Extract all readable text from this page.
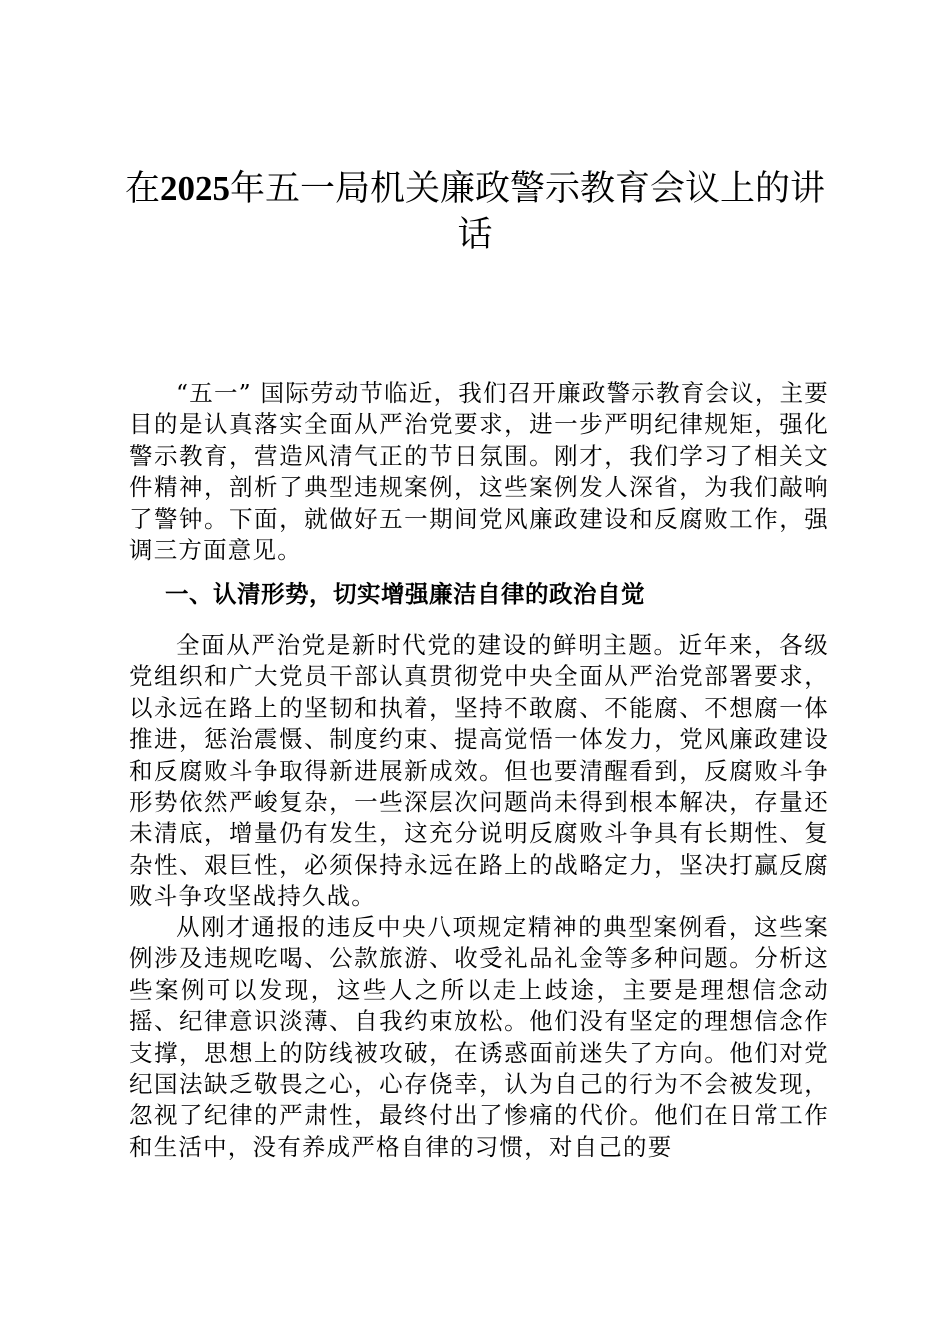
在2025年五一局机关廉政警示教育会议上的讲话

“五一” 国际劳动节临近，我们召开廉政警示教育会议，主要目的是认真落实全面从严治党要求，进一步严明纪律规矩，强化警示教育，营造风清气正的节日氛围。刚才，我们学习了相关文件精神，剖析了典型违规案例，这些案例发人深省，为我们敲响了警钟。下面，就做好五一期间党风廉政建设和反腐败工作，强调三方面意见。

一、认清形势，切实增强廉洁自律的政治自觉

全面从严治党是新时代党的建设的鲜明主题。近年来，各级党组织和广大党员干部认真贯彻党中央全面从严治党部署要求，以永远在路上的坚韧和执着，坚持不敢腐、不能腐、不想腐一体推进，惩治震慑、制度约束、提高觉悟一体发力，党风廉政建设和反腐败斗争取得新进展新成效。但也要清醒看到，反腐败斗争形势依然严峻复杂，一些深层次问题尚未得到根本解决，存量还未清底，增量仍有发生，这充分说明反腐败斗争具有长期性、复杂性、艰巨性，必须保持永远在路上的战略定力，坚决打赢反腐败斗争攻坚战持久战。

从刚才通报的违反中央八项规定精神的典型案例看，这些案例涉及违规吃喝、公款旅游、收受礼品礼金等多种问题。分析这些案例可以发现，这些人之所以走上歧途，主要是理想信念动摇、纪律意识淡薄、自我约束放松。他们没有坚定的理想信念作支撑，思想上的防线被攻破，在诱惑面前迷失了方向。他们对党纪国法缺乏敬畏之心，心存侥幸，认为自己的行为不会被发现，忽视了纪律的严肃性，最终付出了惨痛的代价。他们在日常工作和生活中，没有养成严格自律的习惯，对自己的要
